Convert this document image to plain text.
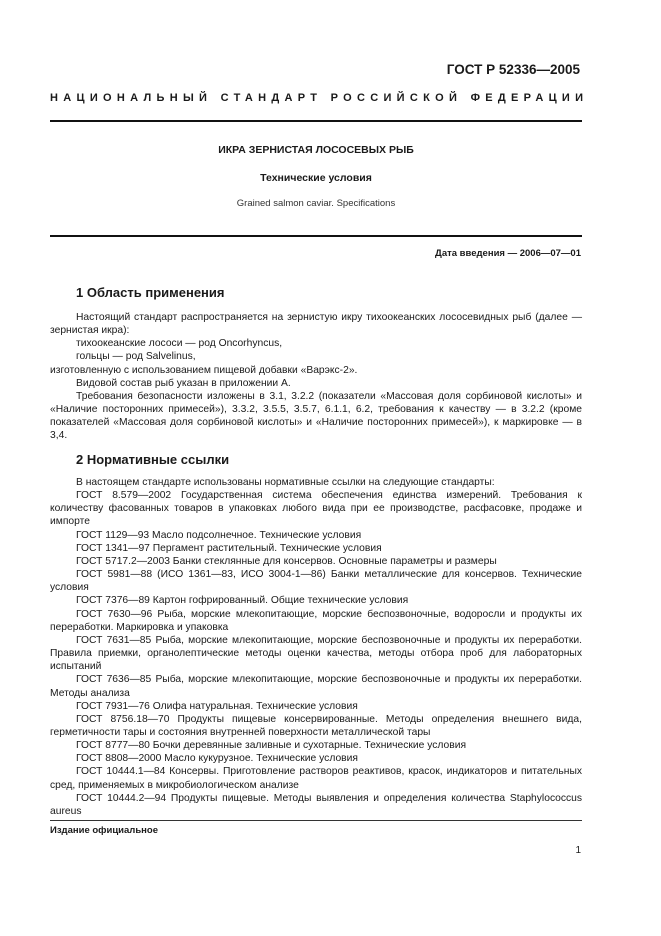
ГОСТ Р 52336—2005
НАЦИОНАЛЬНЫЙ СТАНДАРТ РОССИЙСКОЙ ФЕДЕРАЦИИ
ИКРА ЗЕРНИСТАЯ ЛОСОСЕВЫХ РЫБ
Технические условия
Grained salmon caviar. Specifications
Дата введения — 2006—07—01
1 Область применения

Настоящий стандарт распространяется на зернистую икру тихоокеанских лососевидных рыб (далее — зернистая икра):

тихоокеанские лососи — род Oncorhyncus,

гольцы — род Salvelinus,

изготовленную с использованием пищевой добавки «Варэкс-2».

Видовой состав рыб указан в приложении А.

Требования безопасности изложены в 3.1, 3.2.2 (показатели «Массовая доля сорбиновой кислоты» и «Наличие посторонних примесей»), 3.3.2, 3.5.5, 3.5.7, 6.1.1, 6.2, требования к качеству — в 3.2.2 (кроме показателей «Массовая доля сорбиновой кислоты» и «Наличие посторонних примесей»), к маркировке — в 3,4.

2 Нормативные ссылки

В настоящем стандарте использованы нормативные ссылки на следующие стандарты:

ГОСТ 8.579—2002 Государственная система обеспечения единства измерений. Требования к количеству фасованных товаров в упаковках любого вида при ее производстве, расфасовке, продаже и импорте

ГОСТ 1129—93 Масло подсолнечное. Технические условия

ГОСТ 1341—97 Пергамент растительный. Технические условия

ГОСТ 5717.2—2003 Банки стеклянные для консервов. Основные параметры и размеры

ГОСТ 5981—88 (ИСО 1361—83, ИСО 3004-1—86) Банки металлические для консервов. Технические условия

ГОСТ 7376—89 Картон гофрированный. Общие технические условия

ГОСТ 7630—96 Рыба, морские млекопитающие, морские беспозвоночные, водоросли и продукты их переработки. Маркировка и упаковка

ГОСТ 7631—85 Рыба, морские млекопитающие, морские беспозвоночные и продукты их переработки. Правила приемки, органолептические методы оценки качества, методы отбора проб для лабораторных испытаний

ГОСТ 7636—85 Рыба, морские млекопитающие, морские беспозвоночные и продукты их переработки. Методы анализа

ГОСТ 7931—76 Олифа натуральная. Технические условия

ГОСТ 8756.18—70 Продукты пищевые консервированные. Методы определения внешнего вида, герметичности тары и состояния внутренней поверхности металлической тары

ГОСТ 8777—80 Бочки деревянные заливные и сухотарные. Технические условия

ГОСТ 8808—2000 Масло кукурузное. Технические условия

ГОСТ 10444.1—84 Консервы. Приготовление растворов реактивов, красок, индикаторов и питательных сред, применяемых в микробиологическом анализе

ГОСТ 10444.2—94 Продукты пищевые. Методы выявления и определения количества Staphylococcus aureus

Издание официальное
1
